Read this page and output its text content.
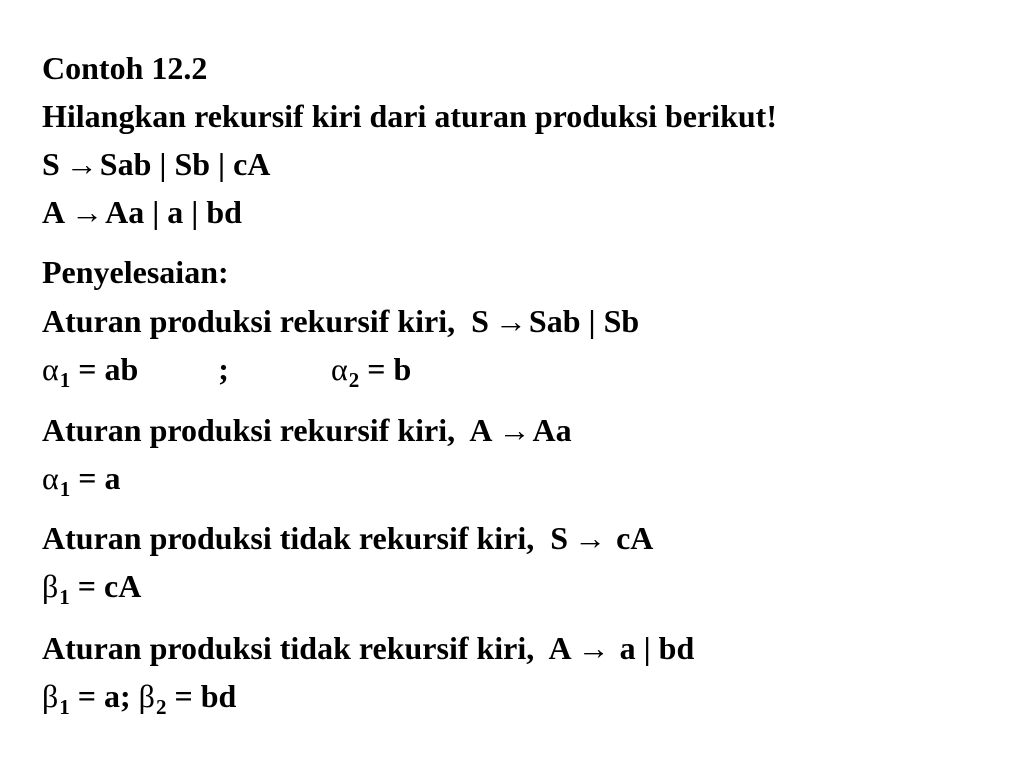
Contoh 12.2
Hilangkan rekursif kiri dari aturan produksi berikut!
S →Sab | Sb | cA
A →Aa | a | bd
Penyelesaian:
Aturan produksi rekursif kiri, S →Sab | Sb
$\alpha_1$ = ab	;	$\alpha_2 = b$
Aturan produksi rekursif kiri, A →Aa
$\alpha_1 = a$
Aturan produksi tidak rekursif kiri, S → cA
$\beta_1$ = cA
Aturan produksi tidak rekursif kiri, A → a | bd
$\beta_1 = a$; $\beta_2$ = bd
